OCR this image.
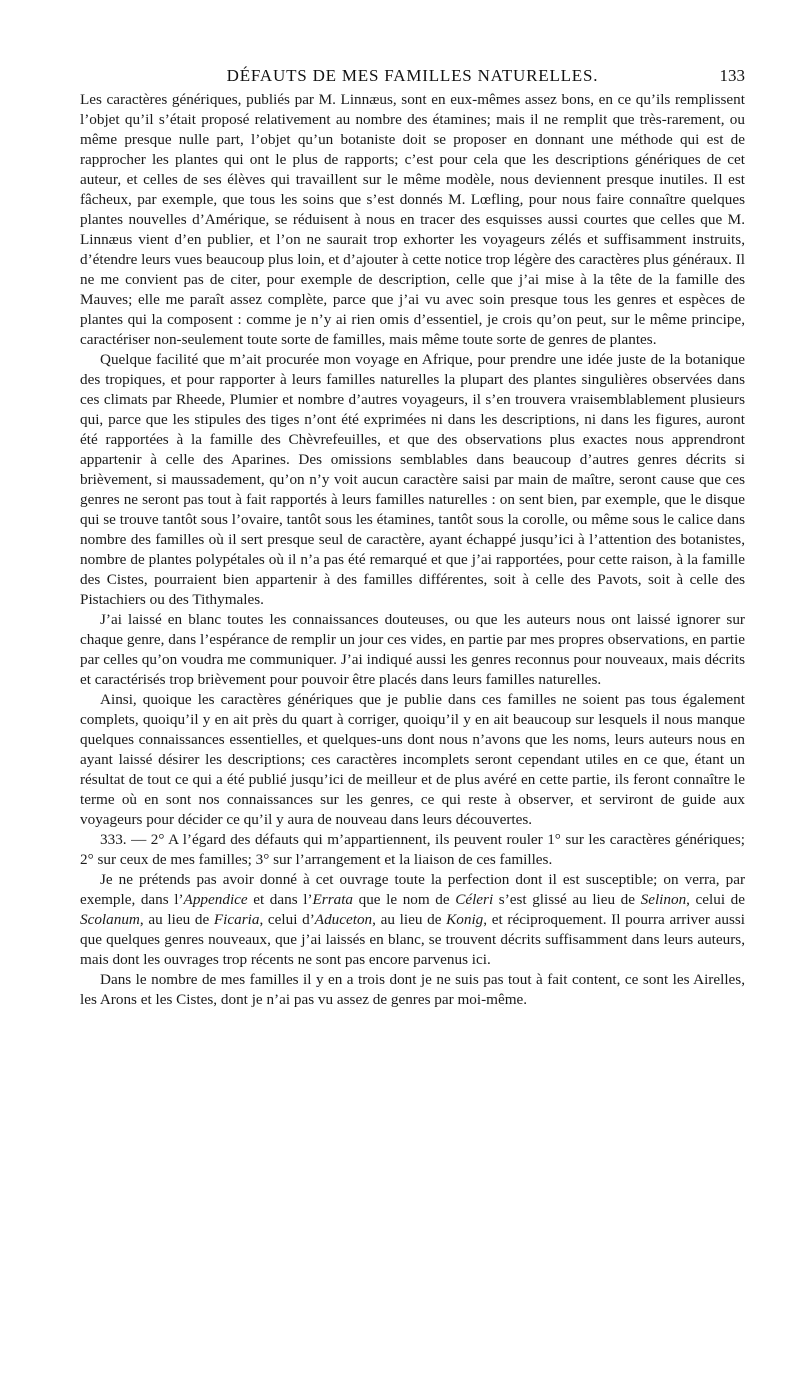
DÉFAUTS DE MES FAMILLES NATURELLES.	133

Les caractères génériques, publiés par M. Linnæus, sont en eux-mêmes assez bons, en ce qu’ils remplissent l’objet qu’il s’était proposé relativement au nombre des étamines; mais il ne remplit que très-rarement, ou même presque nulle part, l’objet qu’un botaniste doit se proposer en donnant une méthode qui est de rapprocher les plantes qui ont le plus de rapports; c’est pour cela que les descriptions génériques de cet auteur, et celles de ses élèves qui travaillent sur le même modèle, nous deviennent presque inutiles. Il est fâcheux, par exemple, que tous les soins que s’est donnés M. Lœfling, pour nous faire connaître quelques plantes nouvelles d’Amérique, se réduisent à nous en tracer des esquisses aussi courtes que celles que M. Linnæus vient d’en publier, et l’on ne saurait trop exhorter les voyageurs zélés et suffisamment instruits, d’étendre leurs vues beaucoup plus loin, et d’ajouter à cette notice trop légère des caractères plus généraux. Il ne me convient pas de citer, pour exemple de description, celle que j’ai mise à la tête de la famille des Mauves; elle me paraît assez complète, parce que j’ai vu avec soin presque tous les genres et espèces de plantes qui la composent : comme je n’y ai rien omis d’essentiel, je crois qu’on peut, sur le même principe, caractériser non-seulement toute sorte de familles, mais même toute sorte de genres de plantes.

Quelque facilité que m’ait procurée mon voyage en Afrique, pour prendre une idée juste de la botanique des tropiques, et pour rapporter à leurs familles naturelles la plupart des plantes singulières observées dans ces climats par Rheede, Plumier et nombre d’autres voyageurs, il s’en trouvera vraisemblablement plusieurs qui, parce que les stipules des tiges n’ont été exprimées ni dans les descriptions, ni dans les figures, auront été rapportées à la famille des Chèvrefeuilles, et que des observations plus exactes nous apprendront appartenir à celle des Aparines. Des omissions semblables dans beaucoup d’autres genres décrits si brièvement, si maussadement, qu’on n’y voit aucun caractère saisi par main de maître, seront cause que ces genres ne seront pas tout à fait rapportés à leurs familles naturelles : on sent bien, par exemple, que le disque qui se trouve tantôt sous l’ovaire, tantôt sous les étamines, tantôt sous la corolle, ou même sous le calice dans nombre des familles où il sert presque seul de caractère, ayant échappé jusqu’ici à l’attention des botanistes, nombre de plantes polypétales où il n’a pas été remarqué et que j’ai rapportées, pour cette raison, à la famille des Cistes, pourraient bien appartenir à des familles différentes, soit à celle des Pavots, soit à celle des Pistachiers ou des Tithymales.

J’ai laissé en blanc toutes les connaissances douteuses, ou que les auteurs nous ont laissé ignorer sur chaque genre, dans l’espérance de remplir un jour ces vides, en partie par mes propres observations, en partie par celles qu’on voudra me communiquer. J’ai indiqué aussi les genres reconnus pour nouveaux, mais décrits et caractérisés trop brièvement pour pouvoir être placés dans leurs familles naturelles.

Ainsi, quoique les caractères génériques que je publie dans ces familles ne soient pas tous également complets, quoiqu’il y en ait près du quart à corriger, quoiqu’il y en ait beaucoup sur lesquels il nous manque quelques connaissances essentielles, et quelques-uns dont nous n’avons que les noms, leurs auteurs nous en ayant laissé désirer les descriptions; ces caractères incomplets seront cependant utiles en ce que, étant un résultat de tout ce qui a été publié jusqu’ici de meilleur et de plus avéré en cette partie, ils feront connaître le terme où en sont nos connaissances sur les genres, ce qui reste à observer, et serviront de guide aux voyageurs pour décider ce qu’il y aura de nouveau dans leurs découvertes.

333. — 2° A l’égard des défauts qui m’appartiennent, ils peuvent rouler 1° sur les caractères génériques; 2° sur ceux de mes familles; 3° sur l’arrangement et la liaison de ces familles.

Je ne prétends pas avoir donné à cet ouvrage toute la perfection dont il est susceptible; on verra, par exemple, dans l’Appendice et dans l’Errata que le nom de Céleri s’est glissé au lieu de Selinon, celui de Scolanum, au lieu de Ficaria, celui d’Aduceton, au lieu de Konig, et réciproquement. Il pourra arriver aussi que quelques genres nouveaux, que j’ai laissés en blanc, se trouvent décrits suffisamment dans leurs auteurs, mais dont les ouvrages trop récents ne sont pas encore parvenus ici.

Dans le nombre de mes familles il y en a trois dont je ne suis pas tout à fait content, ce sont les Airelles, les Arons et les Cistes, dont je n’ai pas vu assez de genres par moi-même.
